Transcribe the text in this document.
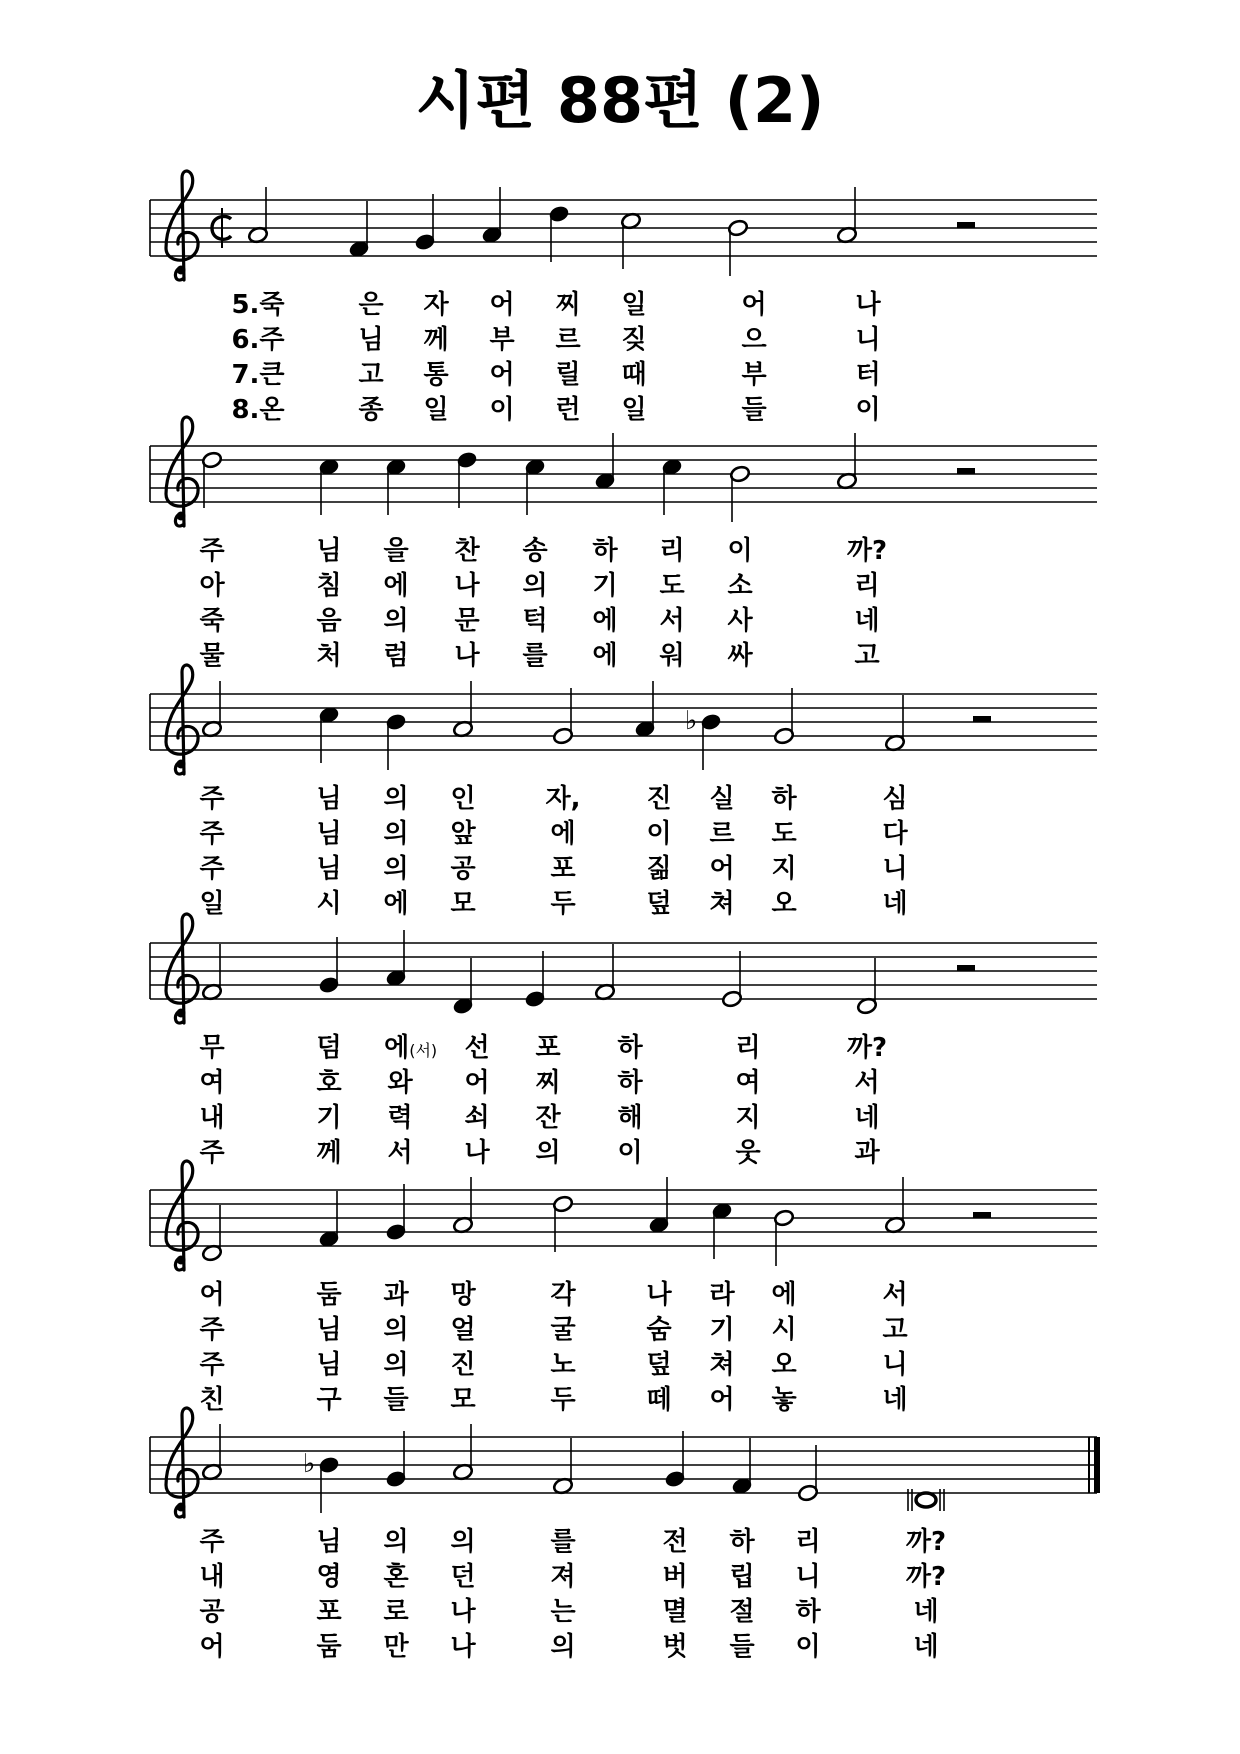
시편 88편 (2)
5.죽	은 자 어 찌 일	어	나
6.주	님 께 부 르 짖	으	니
7.큰	고 통 어 릴 때	부	터
8.온	종 일 이 런 일	들	이
주	님 을 찬 송 하 리 이	까?
아	침 에 나 의 기 도 소	리
죽	음 의 문 턱 에 서 사	네
물	처 럼 나 를 에 워 싸	고
♭
주	님 의 인	자,	진 실 하	심
주	님 의 앞	에	이 르 도	다
주	님 의 공	포	짊 어 지	니
일	시 에 모	두	덮 쳐 오	네
무	덤 에(서) 선 포 하	리	까?
여	호 와 어 찌 하	여	서
내	기 력 쇠 잔 해	지	네
주	께 서 나 의 이	웃	과
어	둠 과 망	각	나 라 에	서
주	님 의 얼	굴	숨 기 시	고
주	님 의 진	노	덮 쳐 오	니
친	구 들 모	두	떼 어 놓	네
♭
주	님 의 의	를	전 하 리	까?
내	영 혼 던	져	버 립 니	까?
공	포 로 나	는	멸 절 하	네
어	둠 만 나	의	벗 들 이	네
